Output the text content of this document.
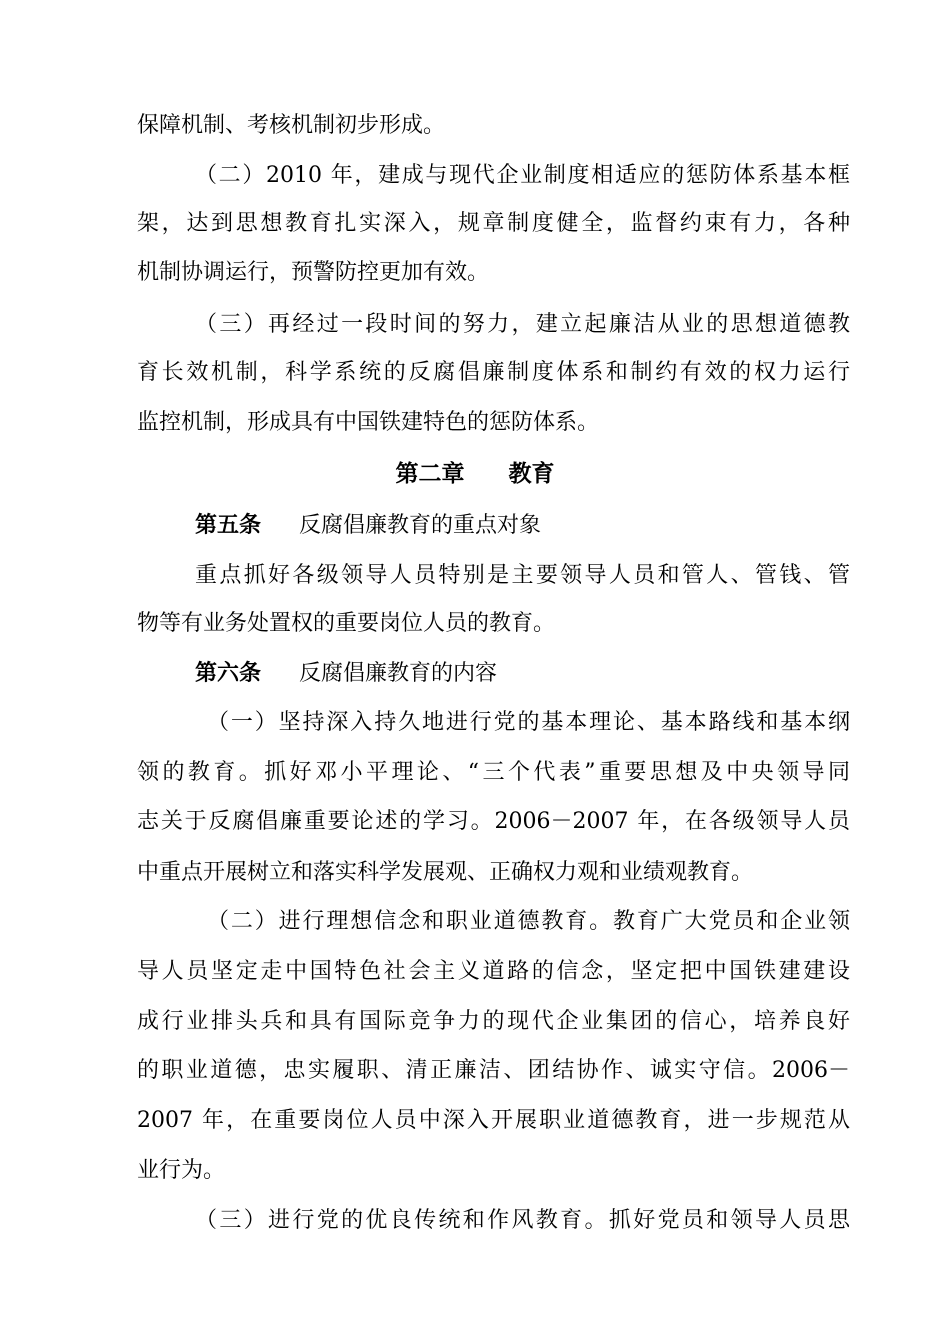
保障机制、考核机制初步形成。
（二）2010 年，建成与现代企业制度相适应的惩防体系基本框
架，达到思想教育扎实深入，规章制度健全，监督约束有力，各种
机制协调运行，预警防控更加有效。
（三）再经过一段时间的努力，建立起廉洁从业的思想道德教
育长效机制，科学系统的反腐倡廉制度体系和制约有效的权力运行
监控机制，形成具有中国铁建特色的惩防体系。
第二章 教育
第五条 反腐倡廉教育的重点对象
重点抓好各级领导人员特别是主要领导人员和管人、管钱、管
物等有业务处置权的重要岗位人员的教育。
第六条 反腐倡廉教育的内容
（一）坚持深入持久地进行党的基本理论、基本路线和基本纲
领的教育。抓好邓小平理论、“三个代表”重要思想及中央领导同
志关于反腐倡廉重要论述的学习。2006－2007 年，在各级领导人员
中重点开展树立和落实科学发展观、正确权力观和业绩观教育。
（二）进行理想信念和职业道德教育。教育广大党员和企业领
导人员坚定走中国特色社会主义道路的信念，坚定把中国铁建建设
成行业排头兵和具有国际竞争力的现代企业集团的信心，培养良好
的职业道德，忠实履职、清正廉洁、团结协作、诚实守信。2006－
2007 年，在重要岗位人员中深入开展职业道德教育，进一步规范从
业行为。
（三）进行党的优良传统和作风教育。抓好党员和领导人员思
